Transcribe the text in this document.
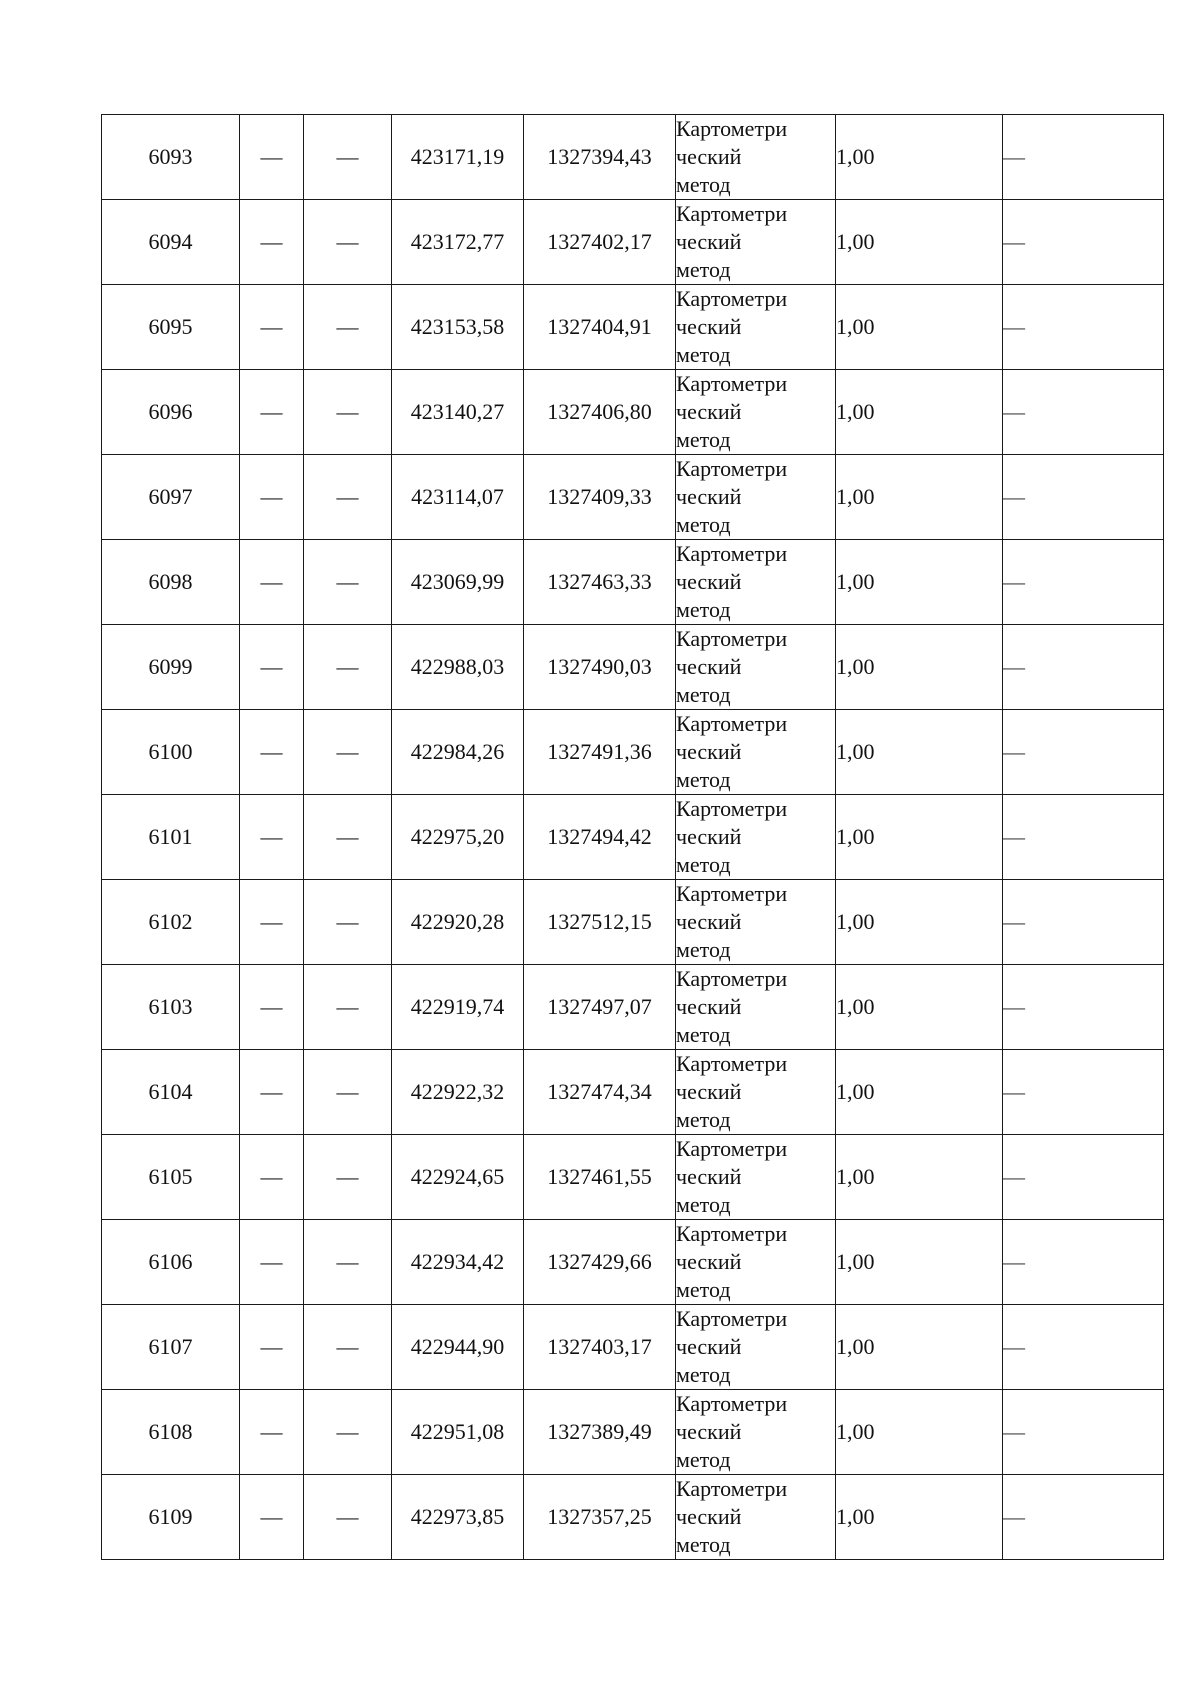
6093	—	—	423171,19	1327394,43	Картометри
ческий
метод	1,00	—
6094	—	—	423172,77	1327402,17	Картометри
ческий
метод	1,00	—
6095	—	—	423153,58	1327404,91	Картометри
ческий
метод	1,00	—
6096	—	—	423140,27	1327406,80	Картометри
ческий
метод	1,00	—
6097	—	—	423114,07	1327409,33	Картометри
ческий
метод	1,00	—
6098	—	—	423069,99	1327463,33	Картометри
ческий
метод	1,00	—
6099	—	—	422988,03	1327490,03	Картометри
ческий
метод	1,00	—
6100	—	—	422984,26	1327491,36	Картометри
ческий
метод	1,00	—
6101	—	—	422975,20	1327494,42	Картометри
ческий
метод	1,00	—
6102	—	—	422920,28	1327512,15	Картометри
ческий
метод	1,00	—
6103	—	—	422919,74	1327497,07	Картометри
ческий
метод	1,00	—
6104	—	—	422922,32	1327474,34	Картометри
ческий
метод	1,00	—
6105	—	—	422924,65	1327461,55	Картометри
ческий
метод	1,00	—
6106	—	—	422934,42	1327429,66	Картометри
ческий
метод	1,00	—
6107	—	—	422944,90	1327403,17	Картометри
ческий
метод	1,00	—
6108	—	—	422951,08	1327389,49	Картометри
ческий
метод	1,00	—
6109	—	—	422973,85	1327357,25	Картометри
ческий
метод	1,00	—
